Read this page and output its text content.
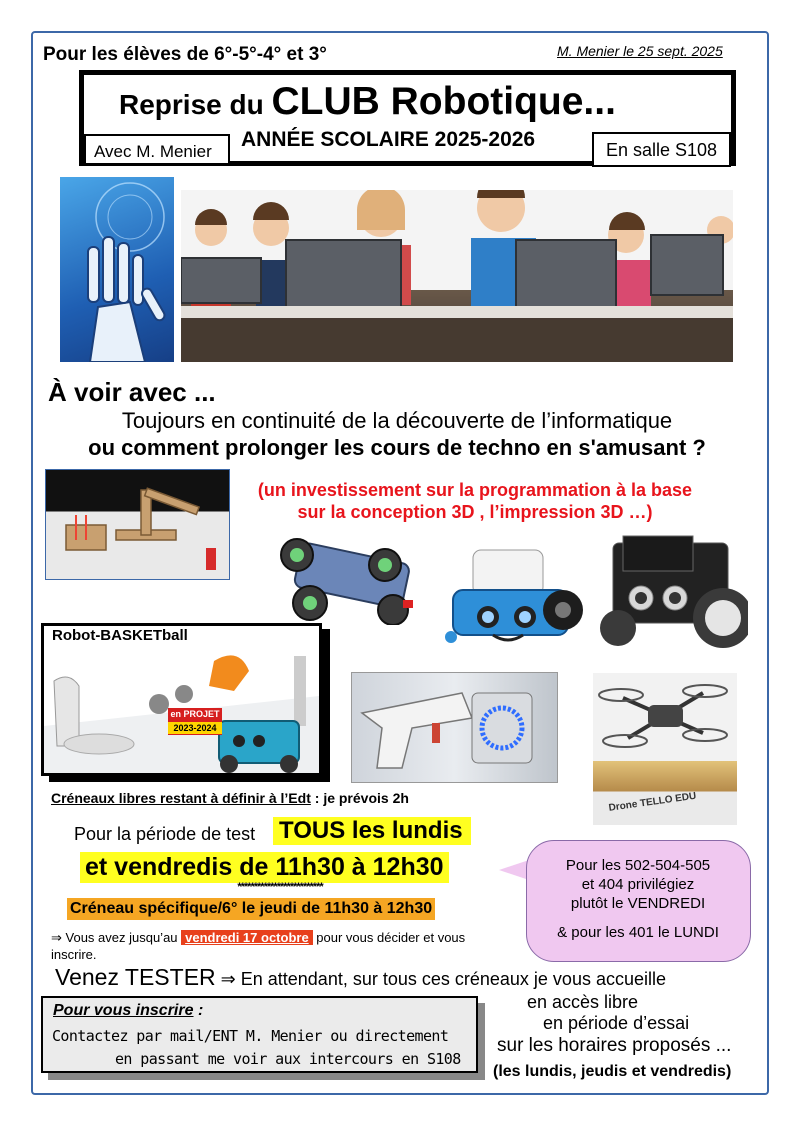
Pour les élèves de 6°-5°-4° et 3°	M. Menier le 25 sept. 2025
Reprise du CLUB Robotique...
ANNÉE SCOLAIRE 2025-2026
Avec M. Menier	En salle S108
À voir avec ...
Toujours en continuité de la découverte de l’informatique
ou comment prolonger les cours de techno en s'amusant ?
(un investissement sur la programmation à la base
sur la conception 3D , l’impression 3D …)
Robot-BASKETball
en PROJET
2023-2024
Drone TELLO EDU
Créneaux libres restant à définir à l’Edt : je prévois 2h
Pour la période de test TOUS les lundis
et vendredis de 11h30 à 12h30
**************************
Créneau spécifique/6° le jeudi de 11h30 à 12h30
⇒ Vous avez jusqu’au vendredi 17 octobre pour vous décider et vous inscrire.
Pour les 502-504-505
et 404 privilégiez
plutôt le VENDREDI
& pour les 401 le LUNDI
Venez TESTER ⇒ En attendant, sur tous ces créneaux je vous accueille
en accès libre
en période d’essai
sur les horaires proposés ...
(les lundis, jeudis et vendredis)
Pour vous inscrire :
Contactez par mail/ENT M. Menier ou directement
en passant me voir aux intercours en S108
